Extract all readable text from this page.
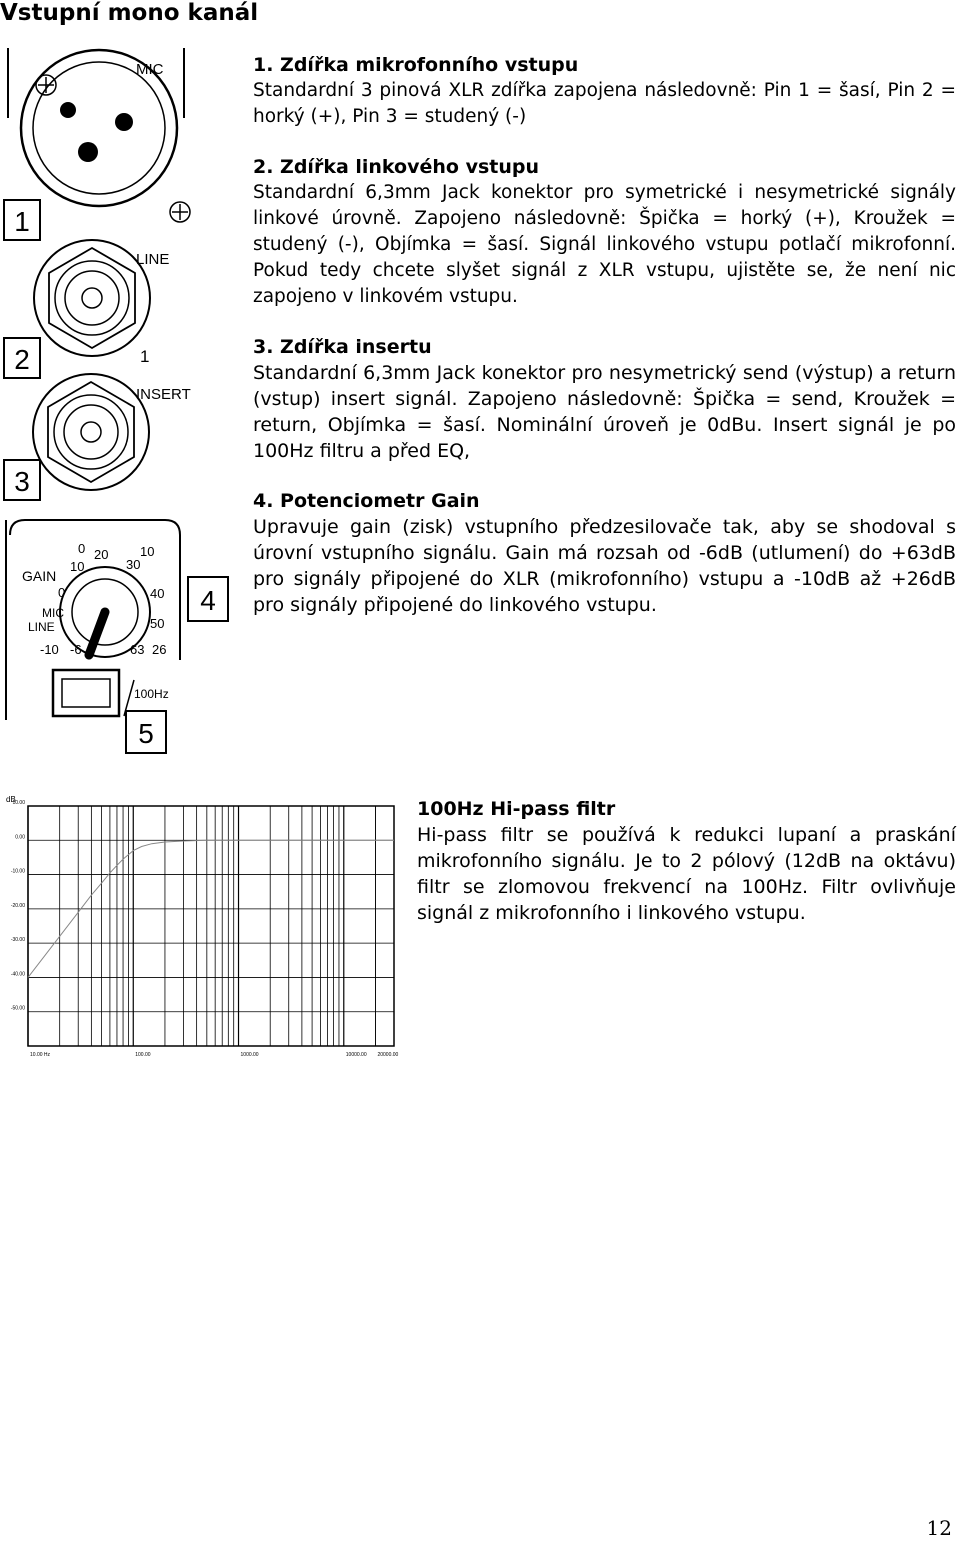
Vstupní mono kanál
MIC
LINE
1
INSERT
GAIN
MIC
LINE
100Hz
0 20
30
10
10
0	40
50
-10 -6	63 26
1
2
3
4
5

1. Zdířka mikrofonního vstupu

Standardní 3 pinová XLR zdířka zapojena následovně: Pin 1 = šasí, Pin 2 = horký (+), Pin 3 = studený (-)

2. Zdířka linkového vstupu

Standardní 6,3mm Jack konektor pro symetrické i nesymetrické signály linkové úrovně. Zapojeno následovně: Špička = horký (+), Kroužek = studený (-), Objímka = šasí. Signál linkového vstupu potlačí mikrofonní. Pokud tedy chcete slyšet signál z XLR vstupu, ujistěte se, že není nic zapojeno v linkovém vstupu.

3. Zdířka insertu

Standardní 6,3mm Jack konektor pro nesymetrický send (výstup) a return (vstup) insert signál. Zapojeno následovně: Špička = send, Kroužek = return, Objímka = šasí. Nominální úroveň je 0dBu. Insert signál je po 100Hz filtru a před EQ,

4. Potenciometr Gain

Upravuje gain (zisk) vstupního předzesilovače tak, aby se shodoval s úrovní vstupního signálu. Gain má rozsah od -6dB (utlumení) do +63dB pro signály připojené do XLR (mikrofonního) vstupu a -10dB až +26dB pro signály připojené do linkového vstupu.

dB
10.00
0.00
-10.00
-20.00
-30.00
-40.00
-50.00
10.00 Hz	100.00	1000.00	10000.00 20000.00

100Hz Hi-pass filtr

Hi-pass filtr se používá k redukci lupaní a praskání mikrofonního signálu. Je to 2 pólový (12dB na oktávu) filtr se zlomovou frekvencí na 100Hz. Filtr ovlivňuje signál z mikrofonního i linkového vstupu.

12
